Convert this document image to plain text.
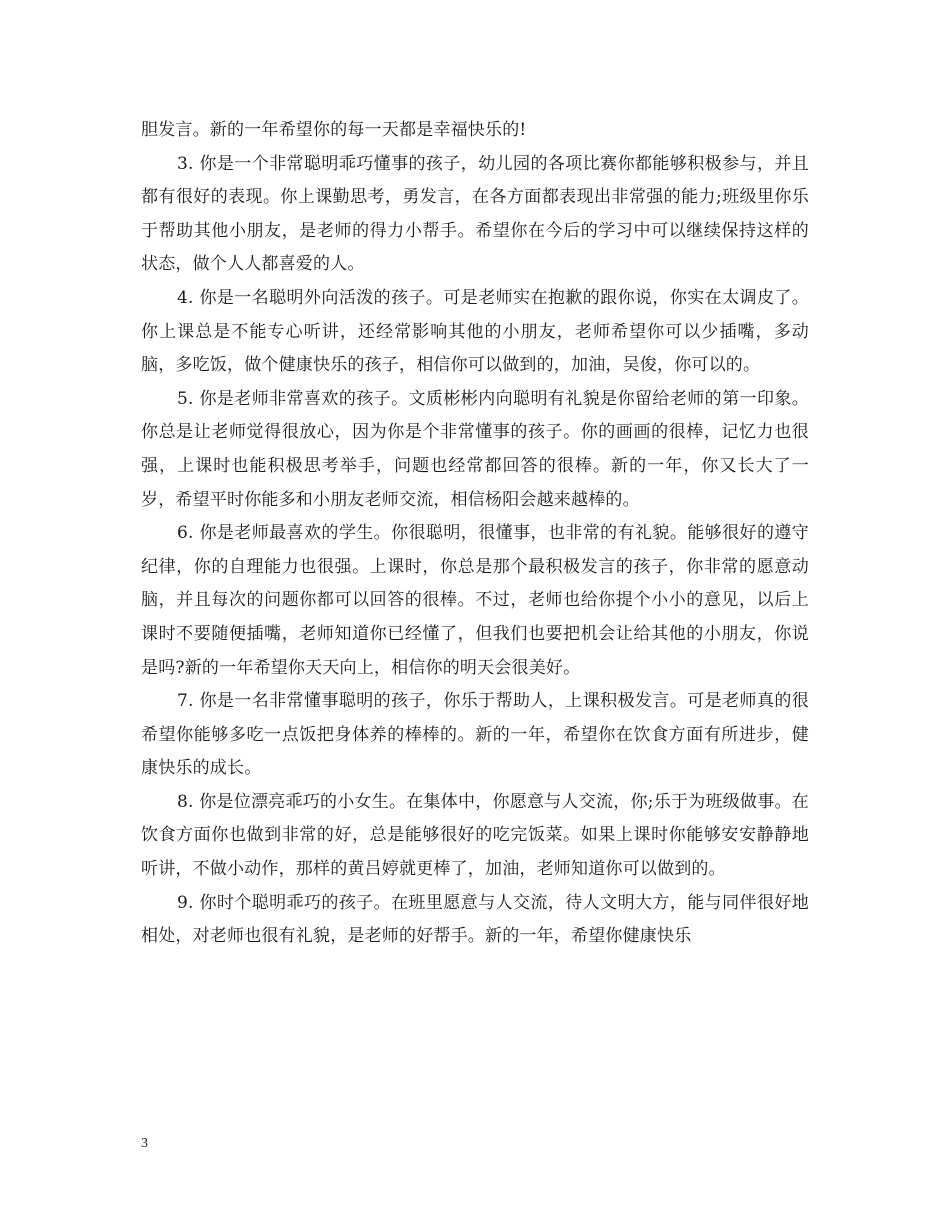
胆发言。新的一年希望你的每一天都是幸福快乐的!

3. 你是一个非常聪明乖巧懂事的孩子，幼儿园的各项比赛你都能够积极参与，并且都有很好的表现。你上课勤思考，勇发言，在各方面都表现出非常强的能力;班级里你乐于帮助其他小朋友，是老师的得力小帮手。希望你在今后的学习中可以继续保持这样的状态，做个人人都喜爱的人。

4. 你是一名聪明外向活泼的孩子。可是老师实在抱歉的跟你说，你实在太调皮了。你上课总是不能专心听讲，还经常影响其他的小朋友，老师希望你可以少插嘴，多动脑，多吃饭，做个健康快乐的孩子，相信你可以做到的，加油，吴俊，你可以的。

5. 你是老师非常喜欢的孩子。文质彬彬内向聪明有礼貌是你留给老师的第一印象。你总是让老师觉得很放心，因为你是个非常懂事的孩子。你的画画的很棒，记忆力也很强，上课时也能积极思考举手，问题也经常都回答的很棒。新的一年，你又长大了一岁，希望平时你能多和小朋友老师交流，相信杨阳会越来越棒的。

6. 你是老师最喜欢的学生。你很聪明，很懂事，也非常的有礼貌。能够很好的遵守纪律，你的自理能力也很强。上课时，你总是那个最积极发言的孩子，你非常的愿意动脑，并且每次的问题你都可以回答的很棒。不过，老师也给你提个小小的意见，以后上课时不要随便插嘴，老师知道你已经懂了，但我们也要把机会让给其他的小朋友，你说是吗?新的一年希望你天天向上，相信你的明天会很美好。

7. 你是一名非常懂事聪明的孩子，你乐于帮助人，上课积极发言。可是老师真的很希望你能够多吃一点饭把身体养的棒棒的。新的一年，希望你在饮食方面有所进步，健康快乐的成长。

8. 你是位漂亮乖巧的小女生。在集体中，你愿意与人交流，你;乐于为班级做事。在饮食方面你也做到非常的好，总是能够很好的吃完饭菜。如果上课时你能够安安静静地听讲，不做小动作，那样的黄吕婷就更棒了，加油，老师知道你可以做到的。

9. 你时个聪明乖巧的孩子。在班里愿意与人交流，待人文明大方，能与同伴很好地相处，对老师也很有礼貌，是老师的好帮手。新的一年，希望你健康快乐

3
